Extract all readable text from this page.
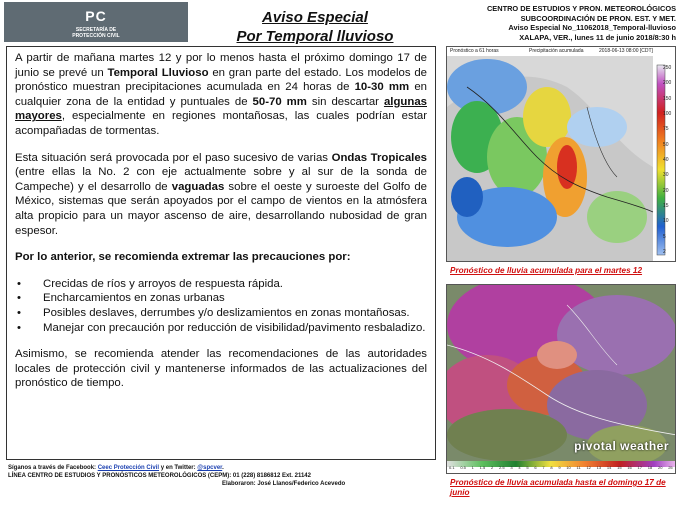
PC
SECRETARÍA DE
PROTECCIÓN CIVIL
Aviso Especial
Por Temporal lluvioso
CENTRO DE ESTUDIOS Y PRON. METEOROLÓGICOS
SUBCOORDINACIÓN DE PRON. EST. Y MET.
Aviso Especial No_11062018_Temporal-lluvioso
XALAPA, VER., lunes 11 de junio 2018/8:30 h

A partir de mañana martes 12 y por lo menos hasta el próximo domingo 17 de junio se prevé un Temporal Lluvioso en gran parte del estado. Los modelos de pronóstico muestran precipitaciones acumulada en 24 horas de 10-30 mm en cualquier zona de la entidad y puntuales de 50-70 mm sin descartar algunas mayores, especialmente en regiones montañosas, las cuales podrían estar acompañadas de tormentas.

Esta situación será provocada por el paso sucesivo de varias Ondas Tropicales (entre ellas la No. 2 con eje actualmente sobre y al sur de la sonda de Campeche) y el desarrollo de vaguadas sobre el oeste y suroeste del Golfo de México, sistemas que serán apoyados por el campo de vientos en la atmósfera alta propicio para un mayor ascenso de aire, desarrollando nubosidad de gran espesor.

Por lo anterior, se recomienda extremar las precauciones por:

• Crecidas de ríos y arroyos de respuesta rápida.
• Encharcamientos en zonas urbanas
• Posibles deslaves, derrumbes y/o deslizamientos en zonas montañosas.
• Manejar con precaución por reducción de visibilidad/pavimento resbaladizo.

Asimismo, se recomienda atender las recomendaciones de las autoridades locales de protección civil y mantenerse informados de las actualizaciones del pronóstico de tiempo.

Síganos a través de Facebook: Ceec Protección Civil y en Twitter: @spcver.
LÍNEA CENTRO DE ESTUDIOS Y PRONÓSTICOS METEOROLÓGICOS (CEPM): 01 (228) 8186812 Ext. 21142
Elaboraron: José Llanos/Federico Acevedo
Pronóstico a 61 horas	Precipitación acumulada	2018-06-13 08:00 [CDT]
250
200
150
100
75
50
40
30
20
15
10
5
2
Pronóstico de lluvia acumulada para el martes 12
pivotal weather
0.1 0.5 1 1.5 2 2.5 3 4 5 6 7 8 9 10 11 12 13 14 15 16 17 18 20 25
Pronóstico de lluvia acumulada hasta el domingo 17 de junio
